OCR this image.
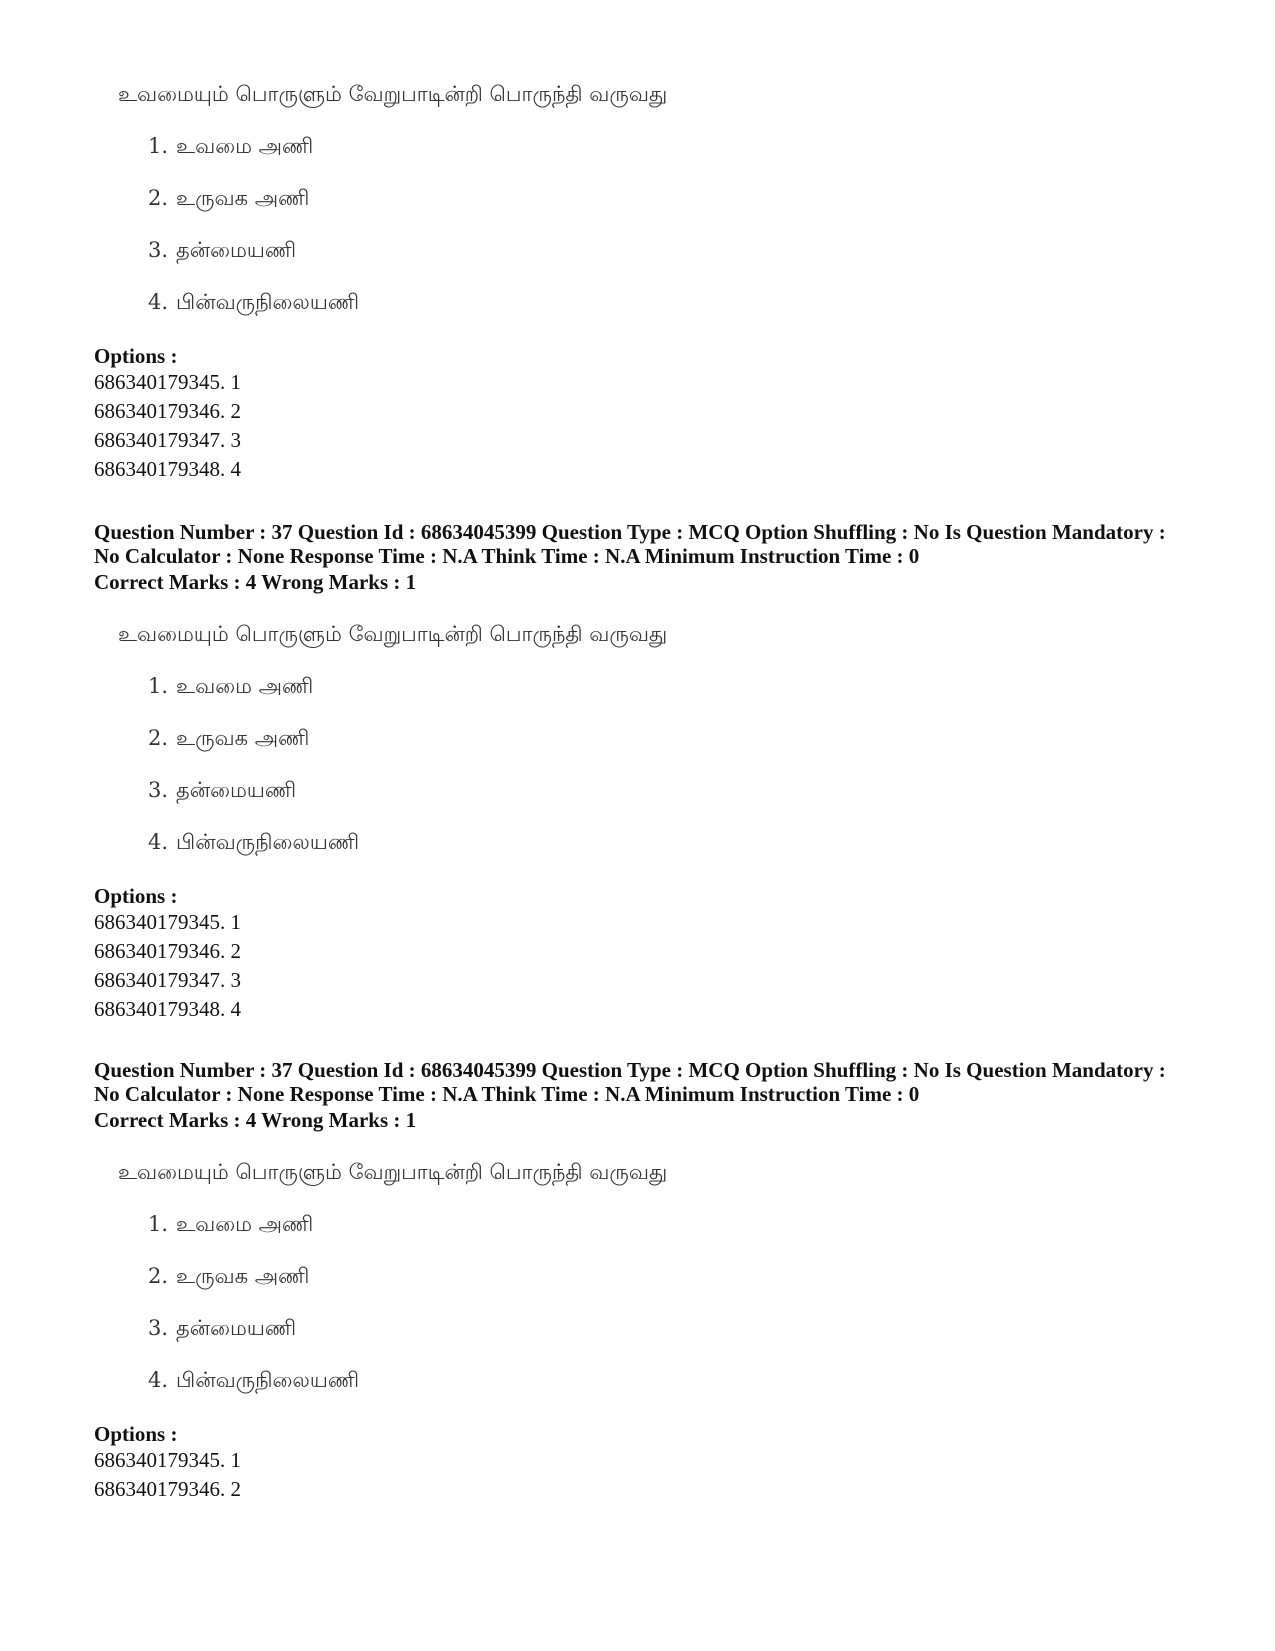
உவமையும் பொருளும் வேறுபாடின்றி பொருந்தி வருவது
1. உவமை அணி
2. உருவக அணி
3. தன்மையணி
4. பின்வருநிலையணி
Options :
686340179345. 1
686340179346. 2
686340179347. 3
686340179348. 4
Question Number : 37 Question Id : 68634045399 Question Type : MCQ Option Shuffling : No Is Question Mandatory :
No Calculator : None Response Time : N.A Think Time : N.A Minimum Instruction Time : 0
Correct Marks : 4 Wrong Marks : 1
உவமையும் பொருளும் வேறுபாடின்றி பொருந்தி வருவது
1. உவமை அணி
2. உருவக அணி
3. தன்மையணி
4. பின்வருநிலையணி
Options :
686340179345. 1
686340179346. 2
686340179347. 3
686340179348. 4
Question Number : 37 Question Id : 68634045399 Question Type : MCQ Option Shuffling : No Is Question Mandatory :
No Calculator : None Response Time : N.A Think Time : N.A Minimum Instruction Time : 0
Correct Marks : 4 Wrong Marks : 1
உவமையும் பொருளும் வேறுபாடின்றி பொருந்தி வருவது
1. உவமை அணி
2. உருவக அணி
3. தன்மையணி
4. பின்வருநிலையணி
Options :
686340179345. 1
686340179346. 2
